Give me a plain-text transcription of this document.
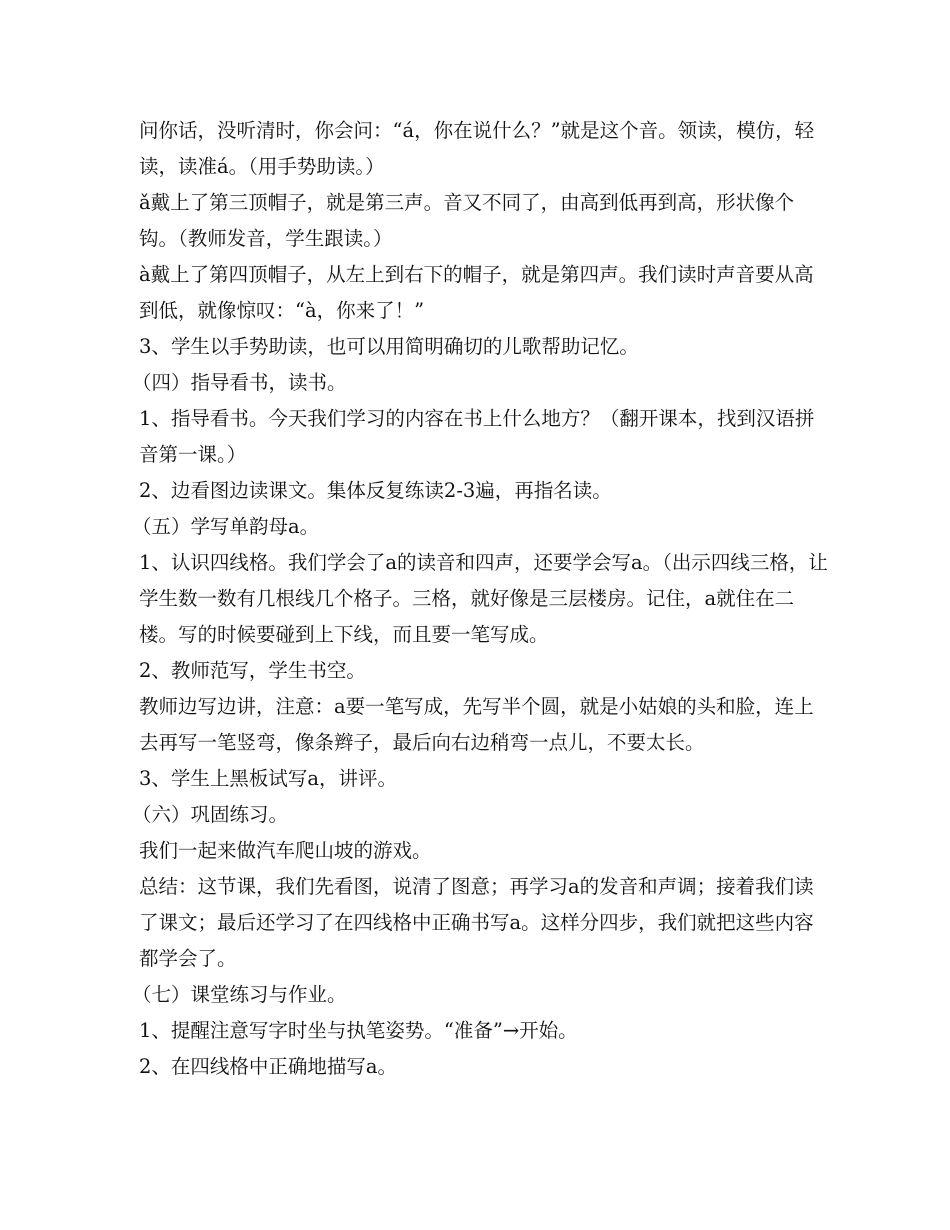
问你话，没听清时，你会问：“á，你在说什么？”就是这个音。领读，模仿，轻读，读准á。（用手势助读。）

ǎ戴上了第三顶帽子，就是第三声。音又不同了，由高到低再到高，形状像个钩。（教师发音，学生跟读。）

à戴上了第四顶帽子，从左上到右下的帽子，就是第四声。我们读时声音要从高到低，就像惊叹：“à，你来了！”

3、学生以手势助读，也可以用简明确切的儿歌帮助记忆。

（四）指导看书，读书。

1、指导看书。今天我们学习的内容在书上什么地方？（翻开课本，找到汉语拼音第一课。）

2、边看图边读课文。集体反复练读2-3遍，再指名读。

（五）学写单韵母a。

1、认识四线格。我们学会了a的读音和四声，还要学会写a。（出示四线三格，让学生数一数有几根线几个格子。三格，就好像是三层楼房。记住，a就住在二楼。写的时候要碰到上下线，而且要一笔写成。

2、教师范写，学生书空。

教师边写边讲，注意：a要一笔写成，先写半个圆，就是小姑娘的头和脸，连上去再写一笔竖弯，像条辫子，最后向右边稍弯一点儿，不要太长。

3、学生上黑板试写a，讲评。

（六）巩固练习。

我们一起来做汽车爬山坡的游戏。

总结：这节课，我们先看图，说清了图意；再学习a的发音和声调；接着我们读了课文；最后还学习了在四线格中正确书写a。这样分四步，我们就把这些内容都学会了。

（七）课堂练习与作业。

1、提醒注意写字时坐与执笔姿势。“准备”→开始。

2、在四线格中正确地描写a。
